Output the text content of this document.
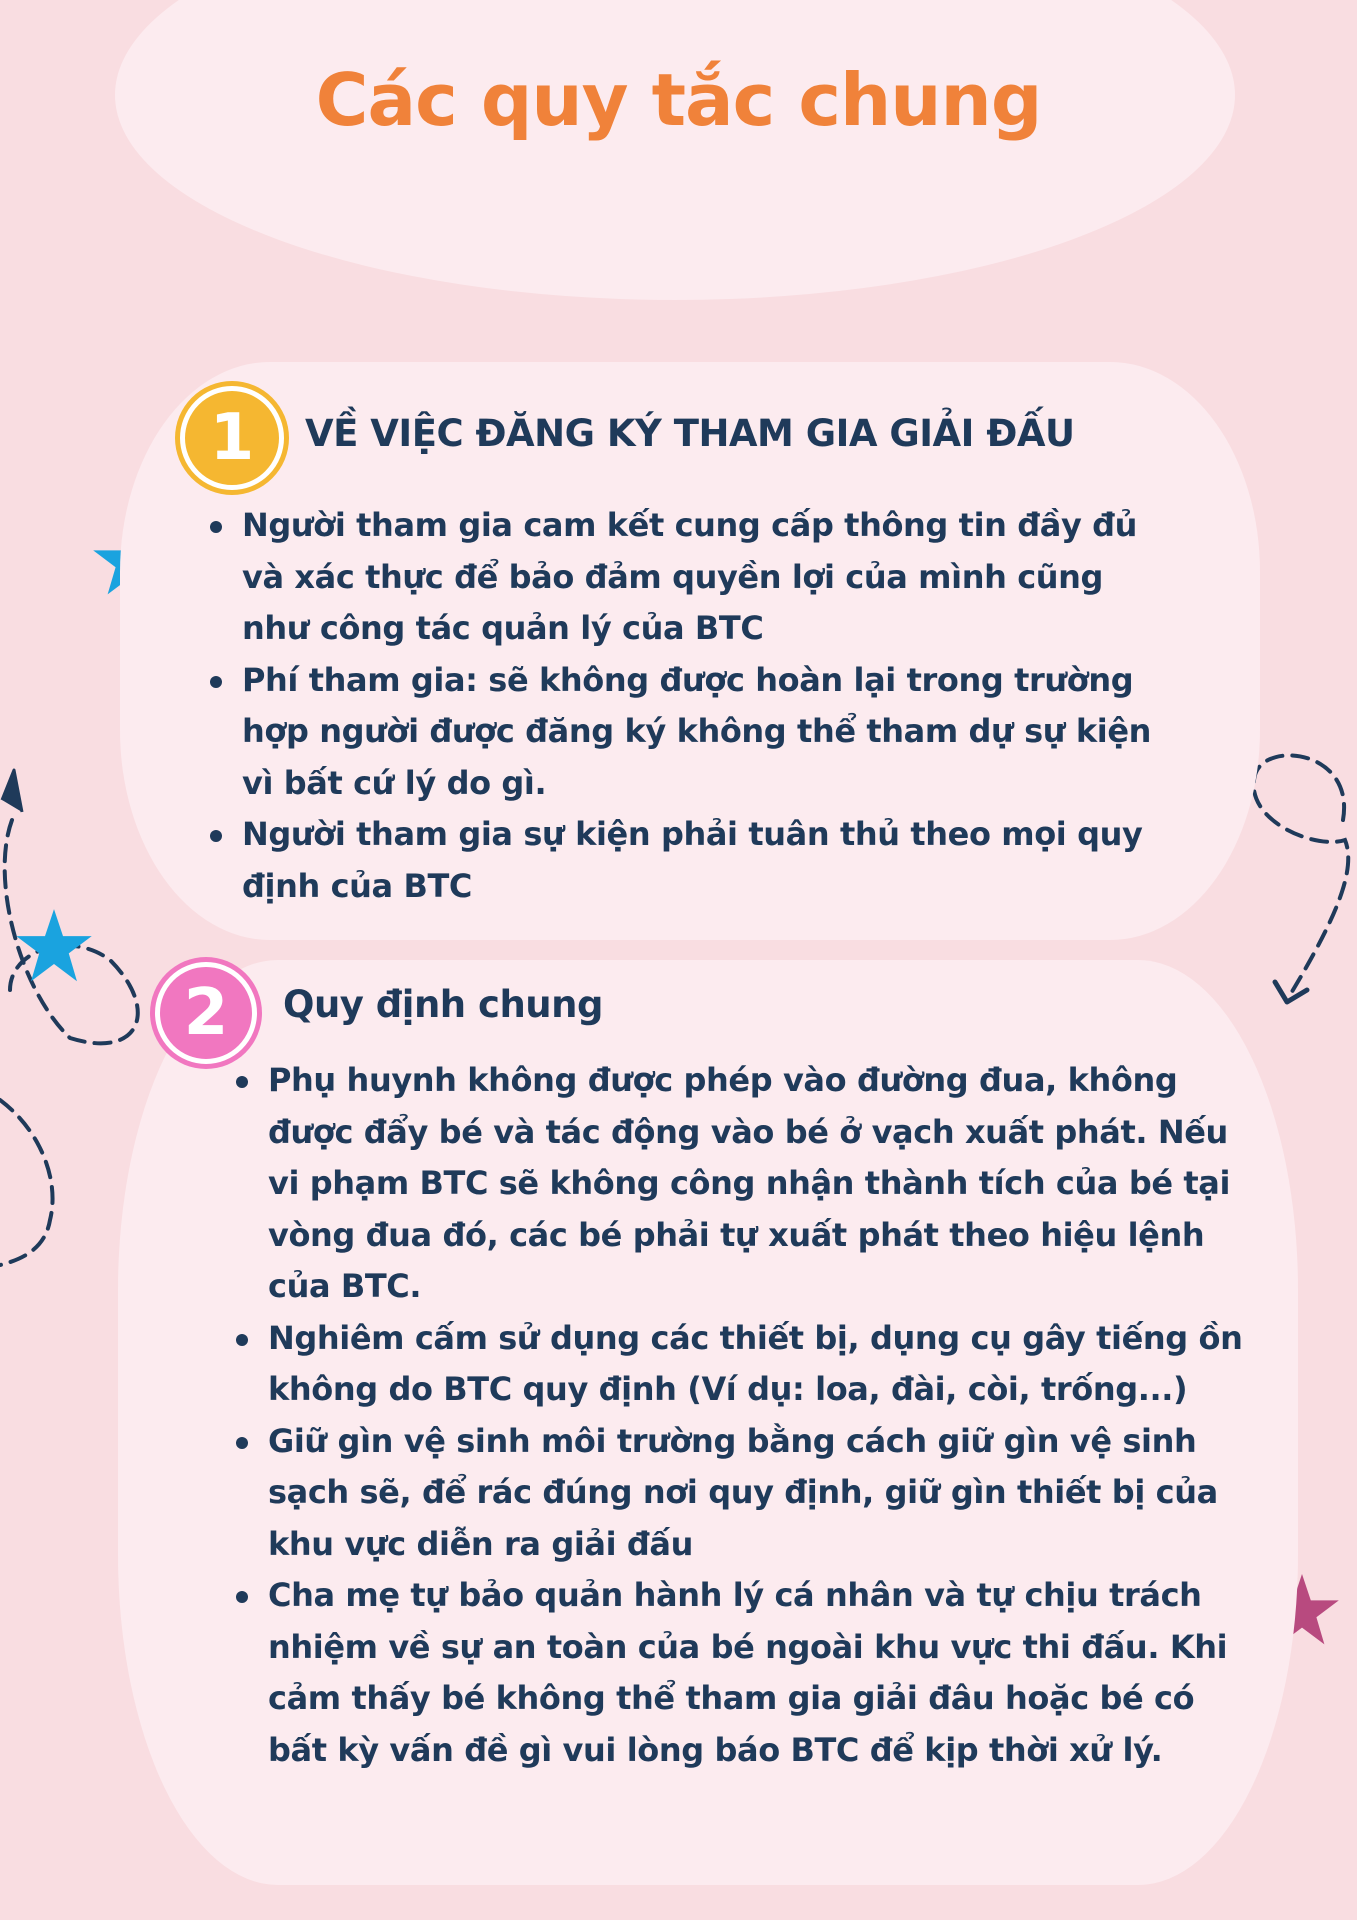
Các quy tắc chung
1	VỀ VIỆC ĐĂNG KÝ THAM GIA GIẢI ĐẤU
Người tham gia cam kết cung cấp thông tin đầy đủ và xác thực để bảo đảm quyền lợi của mình cũng như công tác quản lý của BTC
Phí tham gia: sẽ không được hoàn lại trong trường hợp người được đăng ký không thể tham dự sự kiện vì bất cứ lý do gì.
Người tham gia sự kiện phải tuân thủ theo mọi quy định của BTC
2	Quy định chung
Phụ huynh không được phép vào đường đua, không được đẩy bé và tác động vào bé ở vạch xuất phát. Nếu vi phạm BTC sẽ không công nhận thành tích của bé tại vòng đua đó, các bé phải tự xuất phát theo hiệu lệnh của BTC.
Nghiêm cấm sử dụng các thiết bị, dụng cụ gây tiếng ồn không do BTC quy định (Ví dụ: loa, đài, còi, trống...)
Giữ gìn vệ sinh môi trường bằng cách giữ gìn vệ sinh sạch sẽ, để rác đúng nơi quy định, giữ gìn thiết bị của khu vực diễn ra giải đấu
Cha mẹ tự bảo quản hành lý cá nhân và tự chịu trách nhiệm về sự an toàn của bé ngoài khu vực thi đấu. Khi cảm thấy bé không thể tham gia giải đâu hoặc bé có bất kỳ vấn đề gì vui lòng báo BTC để kịp thời xử lý.
